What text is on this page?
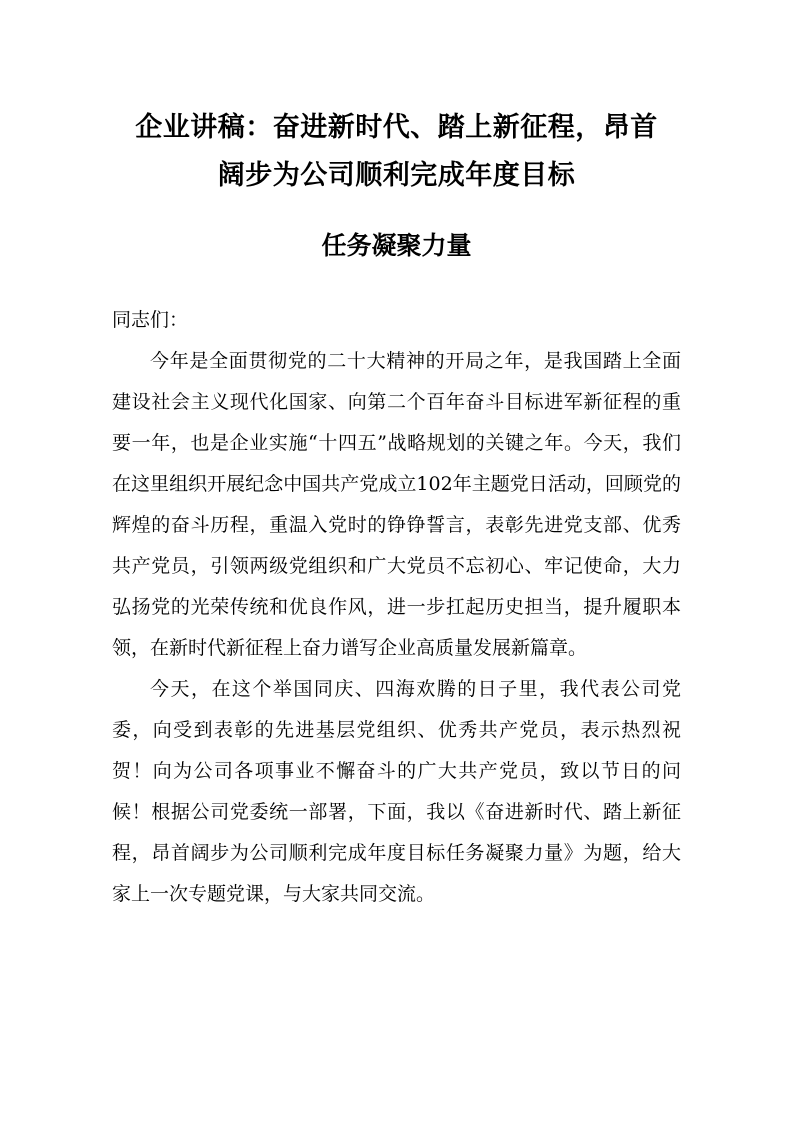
企业讲稿：奋进新时代、踏上新征程，昂首
阔步为公司顺利完成年度目标
任务凝聚力量

同志们：

今年是全面贯彻党的二十大精神的开局之年，是我国踏上全面建设社会主义现代化国家、向第二个百年奋斗目标进军新征程的重要一年，也是企业实施“十四五”战略规划的关键之年。今天，我们在这里组织开展纪念中国共产党成立102年主题党日活动，回顾党的辉煌的奋斗历程，重温入党时的铮铮誓言，表彰先进党支部、优秀共产党员，引领两级党组织和广大党员不忘初心、牢记使命，大力弘扬党的光荣传统和优良作风，进一步扛起历史担当，提升履职本领，在新时代新征程上奋力谱写企业高质量发展新篇章。

今天，在这个举国同庆、四海欢腾的日子里，我代表公司党委，向受到表彰的先进基层党组织、优秀共产党员，表示热烈祝贺！向为公司各项事业不懈奋斗的广大共产党员，致以节日的问候！根据公司党委统一部署，下面，我以《奋进新时代、踏上新征程，昂首阔步为公司顺利完成年度目标任务凝聚力量》为题，给大家上一次专题党课，与大家共同交流。
